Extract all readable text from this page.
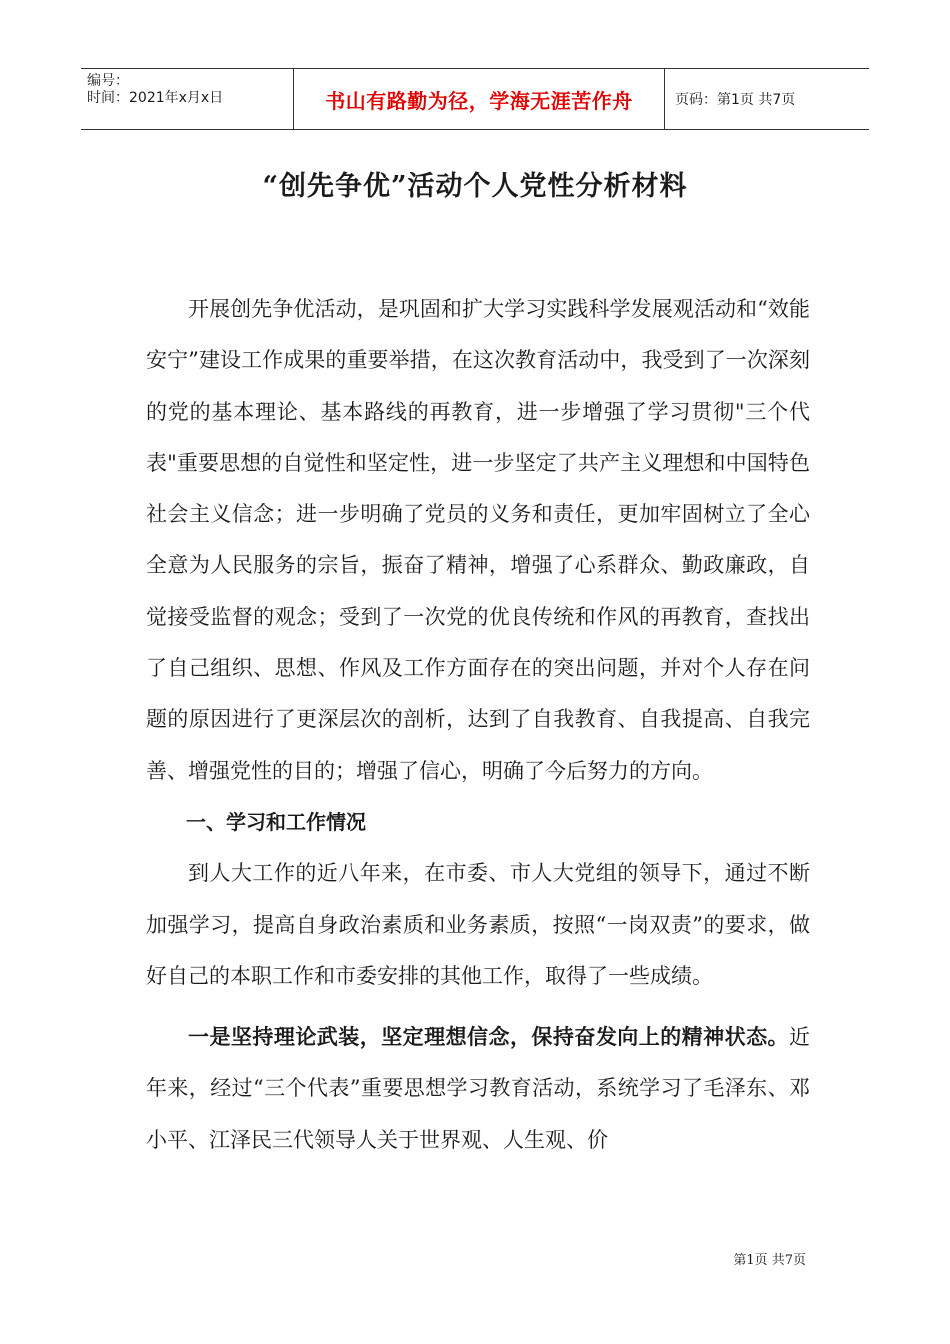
编号：
时间：2021年x月x日	书山有路勤为径，学海无涯苦作舟	页码：第1页 共7页
“创先争优”活动个人党性分析材料

开展创先争优活动，是巩固和扩大学习实践科学发展观活动和“效能安宁”建设工作成果的重要举措，在这次教育活动中，我受到了一次深刻的党的基本理论、基本路线的再教育，进一步增强了学习贯彻"三个代表"重要思想的自觉性和坚定性，进一步坚定了共产主义理想和中国特色社会主义信念；进一步明确了党员的义务和责任，更加牢固树立了全心全意为人民服务的宗旨，振奋了精神，增强了心系群众、勤政廉政，自觉接受监督的观念；受到了一次党的优良传统和作风的再教育，查找出了自己组织、思想、作风及工作方面存在的突出问题，并对个人存在问题的原因进行了更深层次的剖析，达到了自我教育、自我提高、自我完善、增强党性的目的；增强了信心，明确了今后努力的方向。

一、学习和工作情况

到人大工作的近八年来，在市委、市人大党组的领导下，通过不断加强学习，提高自身政治素质和业务素质，按照“一岗双责”的要求，做好自己的本职工作和市委安排的其他工作，取得了一些成绩。

一是坚持理论武装，坚定理想信念，保持奋发向上的精神状态。近年来，经过“三个代表”重要思想学习教育活动，系统学习了毛泽东、邓小平、江泽民三代领导人关于世界观、人生观、价

第1页 共7页
